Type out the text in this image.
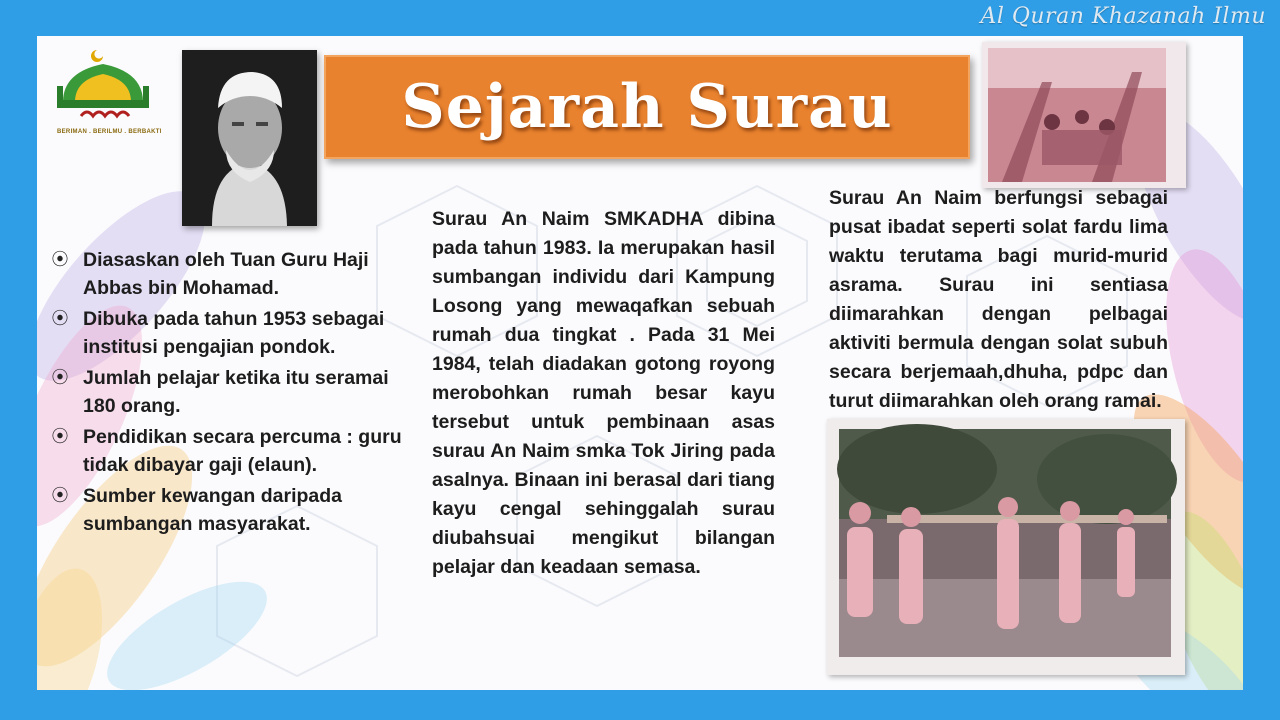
Al Quran Khazanah Ilmu
BERIMAN . BERILMU . BERBAKTI	Sejarah Surau
⦿ Diasaskan oleh Tuan Guru Haji Abbas bin Mohamad.
⦿ Dibuka pada tahun 1953 sebagai institusi pengajian pondok.
⦿ Jumlah pelajar ketika itu seramai 180 orang.
⦿ Pendidikan secara percuma : guru tidak dibayar gaji (elaun).
⦿ Sumber kewangan daripada sumbangan masyarakat.

Surau An Naim SMKADHA dibina pada tahun 1983. Ia merupakan hasil sumbangan individu dari Kampung Losong yang mewaqafkan sebuah rumah dua tingkat . Pada 31 Mei 1984, telah diadakan gotong royong merobohkan rumah besar kayu tersebut untuk pembinaan asas surau An Naim smka Tok Jiring pada asalnya. Binaan ini berasal dari tiang kayu cengal sehinggalah surau diubahsuai mengikut bilangan pelajar dan keadaan semasa.

Surau An Naim berfungsi sebagai pusat ibadat seperti solat fardu lima waktu terutama bagi murid-murid asrama. Surau ini sentiasa diimarahkan dengan pelbagai aktiviti bermula dengan solat subuh secara berjemaah,dhuha, pdpc dan turut diimarahkan oleh orang ramai.
